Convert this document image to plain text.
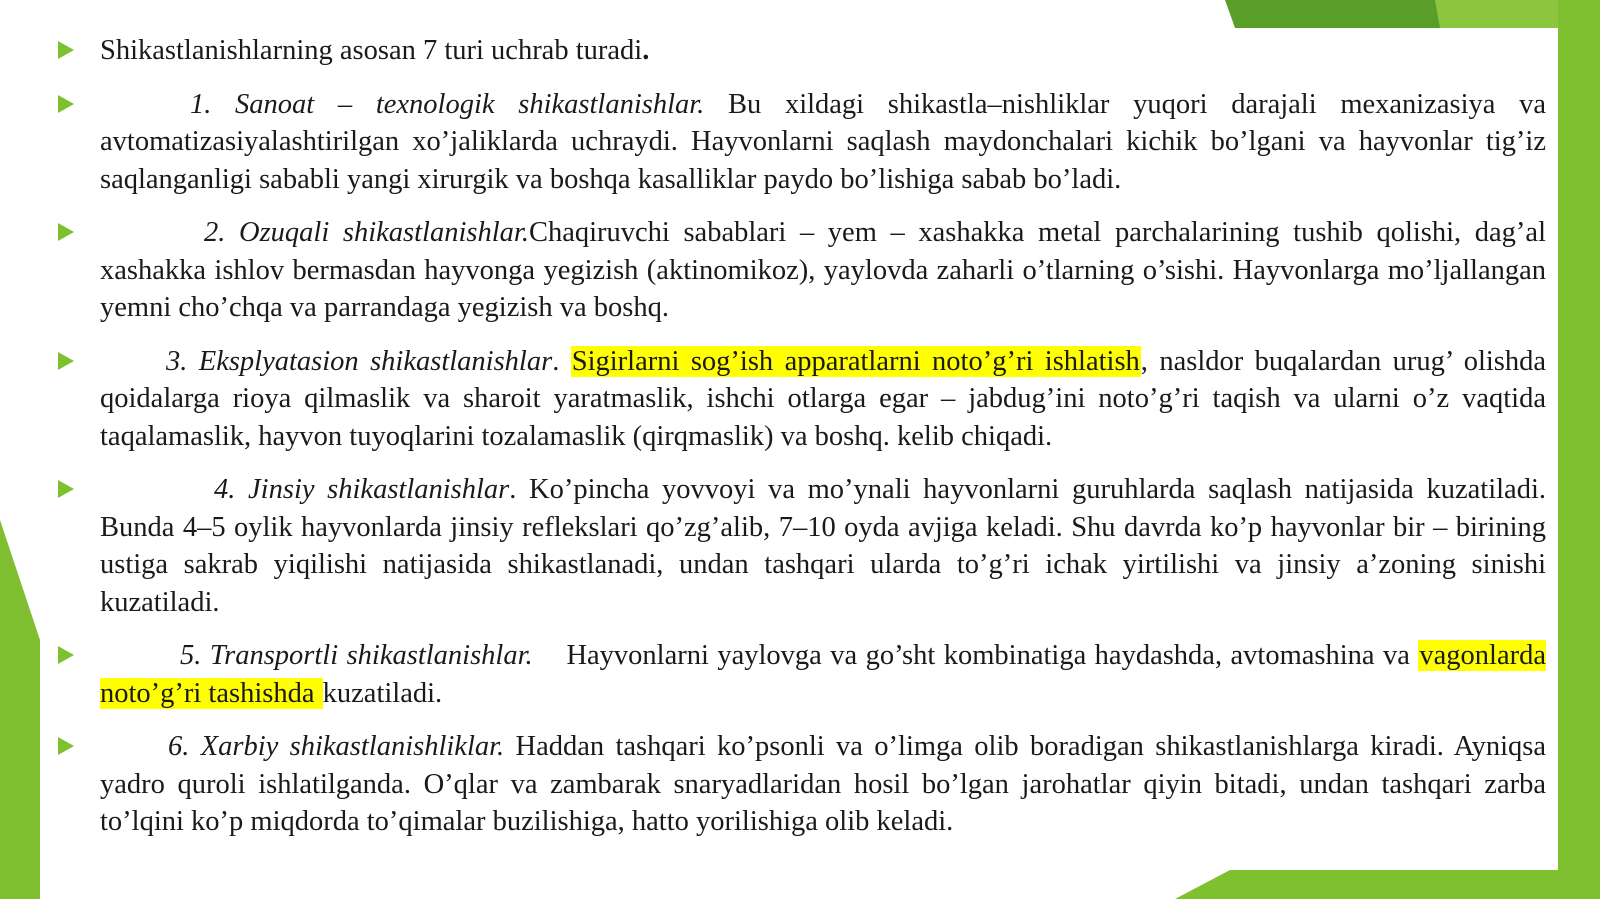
Shikastlanishlarning asosan 7 turi uchrab turadi.

1. Sanoat – texnologik shikastlanishlar. Bu xildagi shikastla–nishliklar yuqori darajali mexanizasiya va avtomatizasiyalashtirilgan xo’jaliklarda uchraydi. Hayvonlarni saqlash maydonchalari kichik bo’lgani va hayvonlar tig’iz saqlanganligi sababli yangi xirurgik va boshqa kasalliklar paydo bo’lishiga sabab bo’ladi.

2. Ozuqali shikastlanishlar.Chaqiruvchi sabablari – yem – xashakka metal parchalarining tushib qolishi, dag’al xashakka ishlov bermasdan hayvonga yegizish (aktinomikoz), yaylovda zaharli o’tlarning o’sishi. Hayvonlarga mo’ljallangan yemni cho’chqa va parrandaga yegizish va boshq.

3. Eksplуatasion shikastlanishlar. Sigirlarni sog’ish apparatlarni noto’g’ri ishlatish, nasldor buqalardan urug’ olishda qoidalarga rioya qilmaslik va sharoit yaratmaslik, ishchi otlarga egar – jabdug’ini noto’g’ri taqish va ularni o’z vaqtida taqalamaslik, hayvon tuyoqlarini tozalamaslik (qirqmaslik) va boshq. kelib chiqadi.

4. Jinsiy shikastlanishlar. Ko’pincha yovvoyi va mo’ynali hayvonlarni guruhlarda saqlash natijasida kuzatiladi. Bunda 4–5 oylik hayvonlarda jinsiy reflekslari qo’zg’alib, 7–10 oyda avjiga keladi. Shu davrda ko’p hayvonlar bir – birining ustiga sakrab yiqilishi natijasida shikastlanadi, undan tashqari ularda to’g’ri ichak yirtilishi va jinsiy a’zoning sinishi kuzatiladi.

5. Transportli shikastlanishlar.    Hayvonlarni yaylovga va go’sht kombinatiga haydashda, avtomashina va vagonlarda noto’g’ri tashishda kuzatiladi.

6. Xarbiy shikastlanishliklar. Haddan tashqari ko’psonli va o’limga olib boradigan shikastlanishlarga kiradi. Ayniqsa yadro quroli ishlatilganda. O’qlar va zambarak snaryadlaridan hosil bo’lgan jarohatlar qiyin bitadi, undan tashqari zarba to’lqini ko’p miqdorda to’qimalar buzilishiga, hatto yorilishiga olib keladi.
